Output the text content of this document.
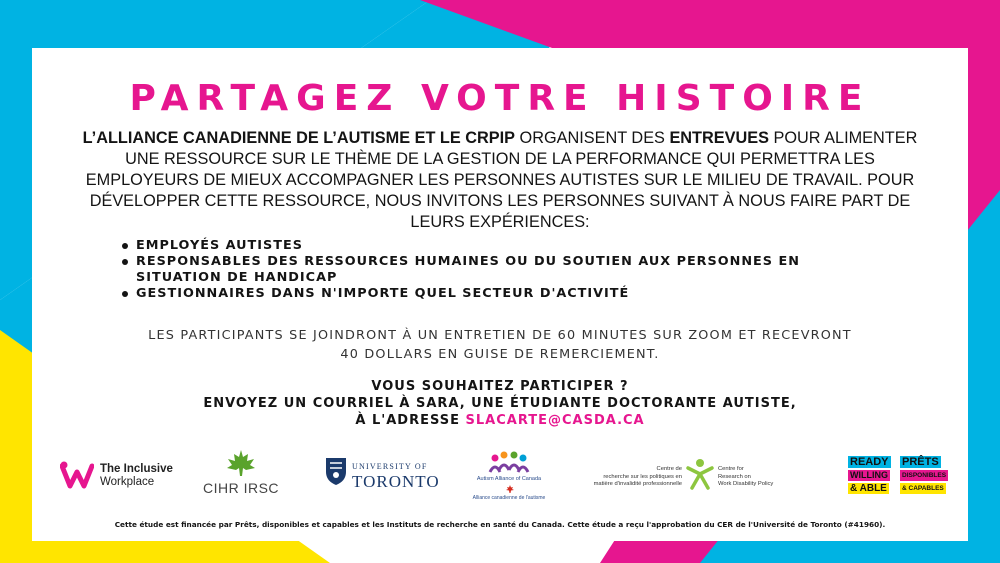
PARTAGEZ VOTRE HISTOIRE

L’ALLIANCE CANADIENNE DE L’AUTISME ET LE CRPIP ORGANISENT DES ENTREVUES POUR ALIMENTER UNE RESSOURCE SUR LE THÈME DE LA GESTION DE LA PERFORMANCE QUI PERMETTRA LES EMPLOYEURS DE MIEUX ACCOMPAGNER LES PERSONNES AUTISTES SUR LE MILIEU DE TRAVAIL. POUR DÉVELOPPER CETTE RESSOURCE, NOUS INVITONS LES PERSONNES SUIVANT À NOUS FAIRE PART DE LEURS EXPÉRIENCES:

EMPLOYÉS AUTISTES
RESPONSABLES DES RESSOURCES HUMAINES OU DU SOUTIEN AUX PERSONNES EN SITUATION DE HANDICAP
GESTIONNAIRES DANS N'IMPORTE QUEL SECTEUR D'ACTIVITÉ
LES PARTICIPANTS SE JOINDRONT À UN ENTRETIEN DE 60 MINUTES SUR ZOOM ET RECEVRONT
40 DOLLARS EN GUISE DE REMERCIEMENT.
VOUS SOUHAITEZ PARTICIPER ?
ENVOYEZ UN COURRIEL À SARA, UNE ÉTUDIANTE DOCTORANTE AUTISTE,
À L'ADRESSE SLACARTE@CASDA.CA
The Inclusive
Workplace	CIHR IRSC
UNIVERSITY OF
TORONTO	Autism Alliance of Canada
Alliance canadienne de l'autisme
Centre de
recherche sur les politiques en
matière d'invalidité professionnelle
Centre for
Research on
Work Disability Policy
READY PRÊTS
WILLING	DISPONIBLES
& ABLE	& CAPABLES
Cette étude est financée par Prêts, disponibles et capables et les Instituts de recherche en santé du Canada. Cette étude a reçu l'approbation du CER de l'Université de Toronto (#41960).
